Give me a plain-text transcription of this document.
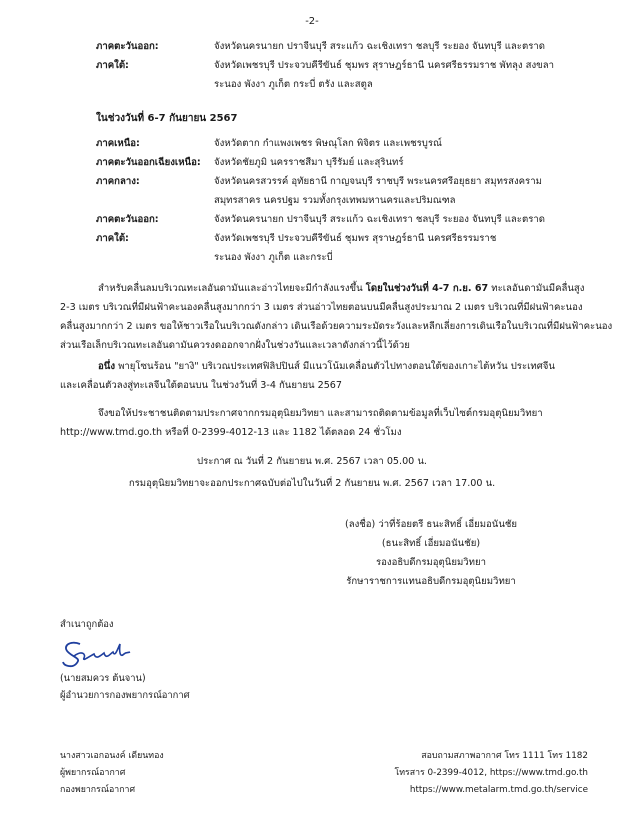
-2-
ภาคตะวันออก:	จังหวัดนครนายก ปราจีนบุรี สระแก้ว ฉะเชิงเทรา ชลบุรี ระยอง จันทบุรี และตราด
ภาคใต้:	จังหวัดเพชรบุรี ประจวบคีรีขันธ์ ชุมพร สุราษฎร์ธานี นครศรีธรรมราช พัทลุง สงขลา
ระนอง พังงา ภูเก็ต กระบี่ ตรัง และสตูล
ในช่วงวันที่ 6-7 กันยายน 2567
ภาคเหนือ:	จังหวัดตาก กำแพงเพชร พิษณุโลก พิจิตร และเพชรบูรณ์
ภาคตะวันออกเฉียงเหนือ: จังหวัดชัยภูมิ นครราชสีมา บุรีรัมย์ และสุรินทร์
ภาคกลาง:	จังหวัดนครสวรรค์ อุทัยธานี กาญจนบุรี ราชบุรี พระนครศรีอยุธยา สมุทรสงคราม
สมุทรสาคร นครปฐม รวมทั้งกรุงเทพมหานครและปริมณฑล
ภาคตะวันออก:	จังหวัดนครนายก ปราจีนบุรี สระแก้ว ฉะเชิงเทรา ชลบุรี ระยอง จันทบุรี และตราด
ภาคใต้:	จังหวัดเพชรบุรี ประจวบคีรีขันธ์ ชุมพร สุราษฎร์ธานี นครศรีธรรมราช
ระนอง พังงา ภูเก็ต และกระบี่
สำหรับคลื่นลมบริเวณทะเลอันดามันและอ่าวไทยจะมีกำลังแรงขึ้น โดยในช่วงวันที่ 4-7 ก.ย. 67 ทะเลอันดามันมีคลื่นสูง
2-3 เมตร บริเวณที่มีฝนฟ้าคะนองคลื่นสูงมากกว่า 3 เมตร ส่วนอ่าวไทยตอนบนมีคลื่นสูงประมาณ 2 เมตร บริเวณที่มีฝนฟ้าคะนอง
คลื่นสูงมากกว่า 2 เมตร ขอให้ชาวเรือในบริเวณดังกล่าว เดินเรือด้วยความระมัดระวังและหลีกเลี่ยงการเดินเรือในบริเวณที่มีฝนฟ้าคะนอง
ส่วนเรือเล็กบริเวณทะเลอันดามันควรงดออกจากฝั่งในช่วงวันและเวลาดังกล่าวนี้ไว้ด้วย
อนึ่ง พายุโซนร้อน "ยางิ" บริเวณประเทศฟิลิปปินส์ มีแนวโน้มเคลื่อนตัวไปทางตอนใต้ของเกาะไต้หวัน ประเทศจีน
และเคลื่อนตัวลงสู่ทะเลจีนใต้ตอนบน ในช่วงวันที่ 3-4 กันยายน 2567
จึงขอให้ประชาชนติดตามประกาศจากกรมอุตุนิยมวิทยา และสามารถติดตามข้อมูลที่เว็บไซต์กรมอุตุนิยมวิทยา
http://www.tmd.go.th หรือที่ 0-2399-4012-13 และ 1182 ได้ตลอด 24 ชั่วโมง
ประกาศ ณ วันที่ 2 กันยายน พ.ศ. 2567 เวลา 05.00 น.
กรมอุตุนิยมวิทยาจะออกประกาศฉบับต่อไปในวันที่ 2 กันยายน พ.ศ. 2567 เวลา 17.00 น.
(ลงชื่อ) ว่าที่ร้อยตรี ธนะสิทธิ์ เอี่ยมอนันชัย
(ธนะสิทธิ์ เอี่ยมอนันชัย)
รองอธิบดีกรมอุตุนิยมวิทยา
รักษาราชการแทนอธิบดีกรมอุตุนิยมวิทยา
สำเนาถูกต้อง
(นายสมควร ต้นจาน)
ผู้อำนวยการกองพยากรณ์อากาศ
นางสาวเอกอนงค์ เดียนทอง
ผู้พยากรณ์อากาศ
กองพยากรณ์อากาศ
สอบถามสภาพอากาศ โทร 1111 โทร 1182
โทรสาร 0-2399-4012, https://www.tmd.go.th
https://www.metalarm.tmd.go.th/service
